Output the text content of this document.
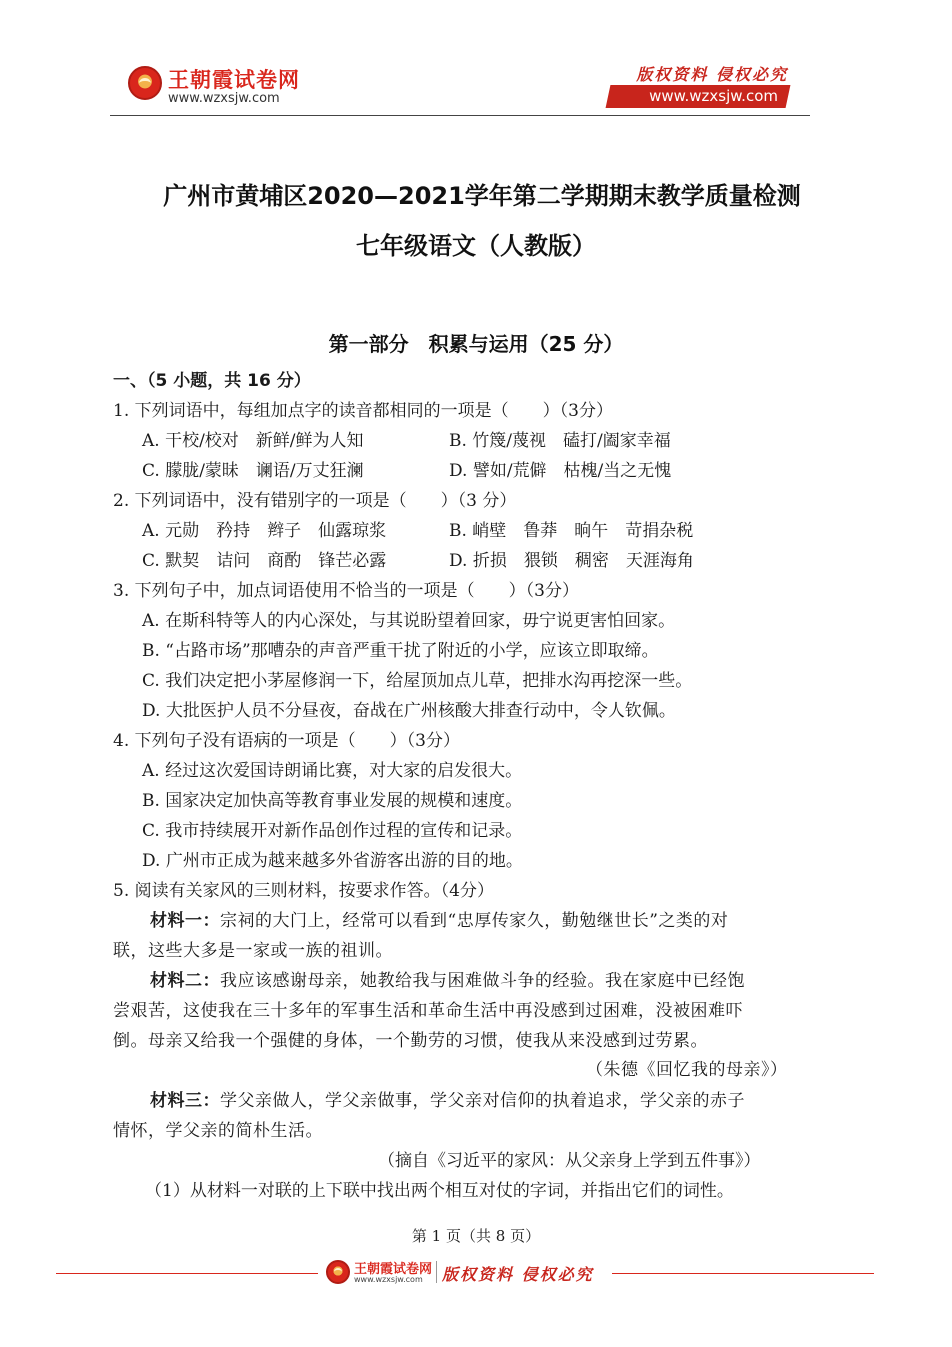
王朝霞试卷网
www.wzxsjw.com
版权资料 侵权必究
www.wzxsjw.com
广州市黄埔区2020—2021学年第二学期期末教学质量检测
七年级语文（人教版）
第一部分　积累与运用（25 分）
一、（5 小题，共 16 分）
1. 下列词语中，每组加点字的读音都相同的一项是（　　）（3分）
A. 干校/校对　新鲜/鲜为人知	B. 竹篾/蔑视　磕打/阖家幸福
C. 朦胧/蒙昧　谰语/万丈狂澜	D. 譬如/荒僻　枯槐/当之无愧
2. 下列词语中，没有错别字的一项是（　　）（3 分）
A. 元勋　矜持　辫子　仙露琼浆	B. 峭壁　鲁莽　晌午　苛捐杂税
C. 默契　诘问　商酌　锋芒必露	D. 折损　猥锁　稠密　天涯海角
3. 下列句子中，加点词语使用不恰当的一项是（　　）（3分）
A. 在斯科特等人的内心深处，与其说盼望着回家，毋宁说更害怕回家。
B. “占路市场”那嘈杂的声音严重干扰了附近的小学，应该立即取缔。
C. 我们决定把小茅屋修润一下，给屋顶加点儿草，把排水沟再挖深一些。
D. 大批医护人员不分昼夜，奋战在广州核酸大排查行动中，令人钦佩。
4. 下列句子没有语病的一项是（　　）（3分）
A. 经过这次爱国诗朗诵比赛，对大家的启发很大。
B. 国家决定加快高等教育事业发展的规模和速度。
C. 我市持续展开对新作品创作过程的宣传和记录。
D. 广州市正成为越来越多外省游客出游的目的地。
5. 阅读有关家风的三则材料，按要求作答。（4分）
材料一：宗祠的大门上，经常可以看到“忠厚传家久，勤勉继世长”之类的对
联，这些大多是一家或一族的祖训。
材料二：我应该感谢母亲，她教给我与困难做斗争的经验。我在家庭中已经饱
尝艰苦，这使我在三十多年的军事生活和革命生活中再没感到过困难，没被困难吓
倒。母亲又给我一个强健的身体，一个勤劳的习惯，使我从来没感到过劳累。
（朱德《回忆我的母亲》）
材料三：学父亲做人，学父亲做事，学父亲对信仰的执着追求，学父亲的赤子
情怀，学父亲的简朴生活。
（摘自《习近平的家风：从父亲身上学到五件事》）
（1）从材料一对联的上下联中找出两个相互对仗的字词，并指出它们的词性。
第 1 页（共 8 页）
王朝霞试卷网
www.wzxsjw.com 版权资料 侵权必究
